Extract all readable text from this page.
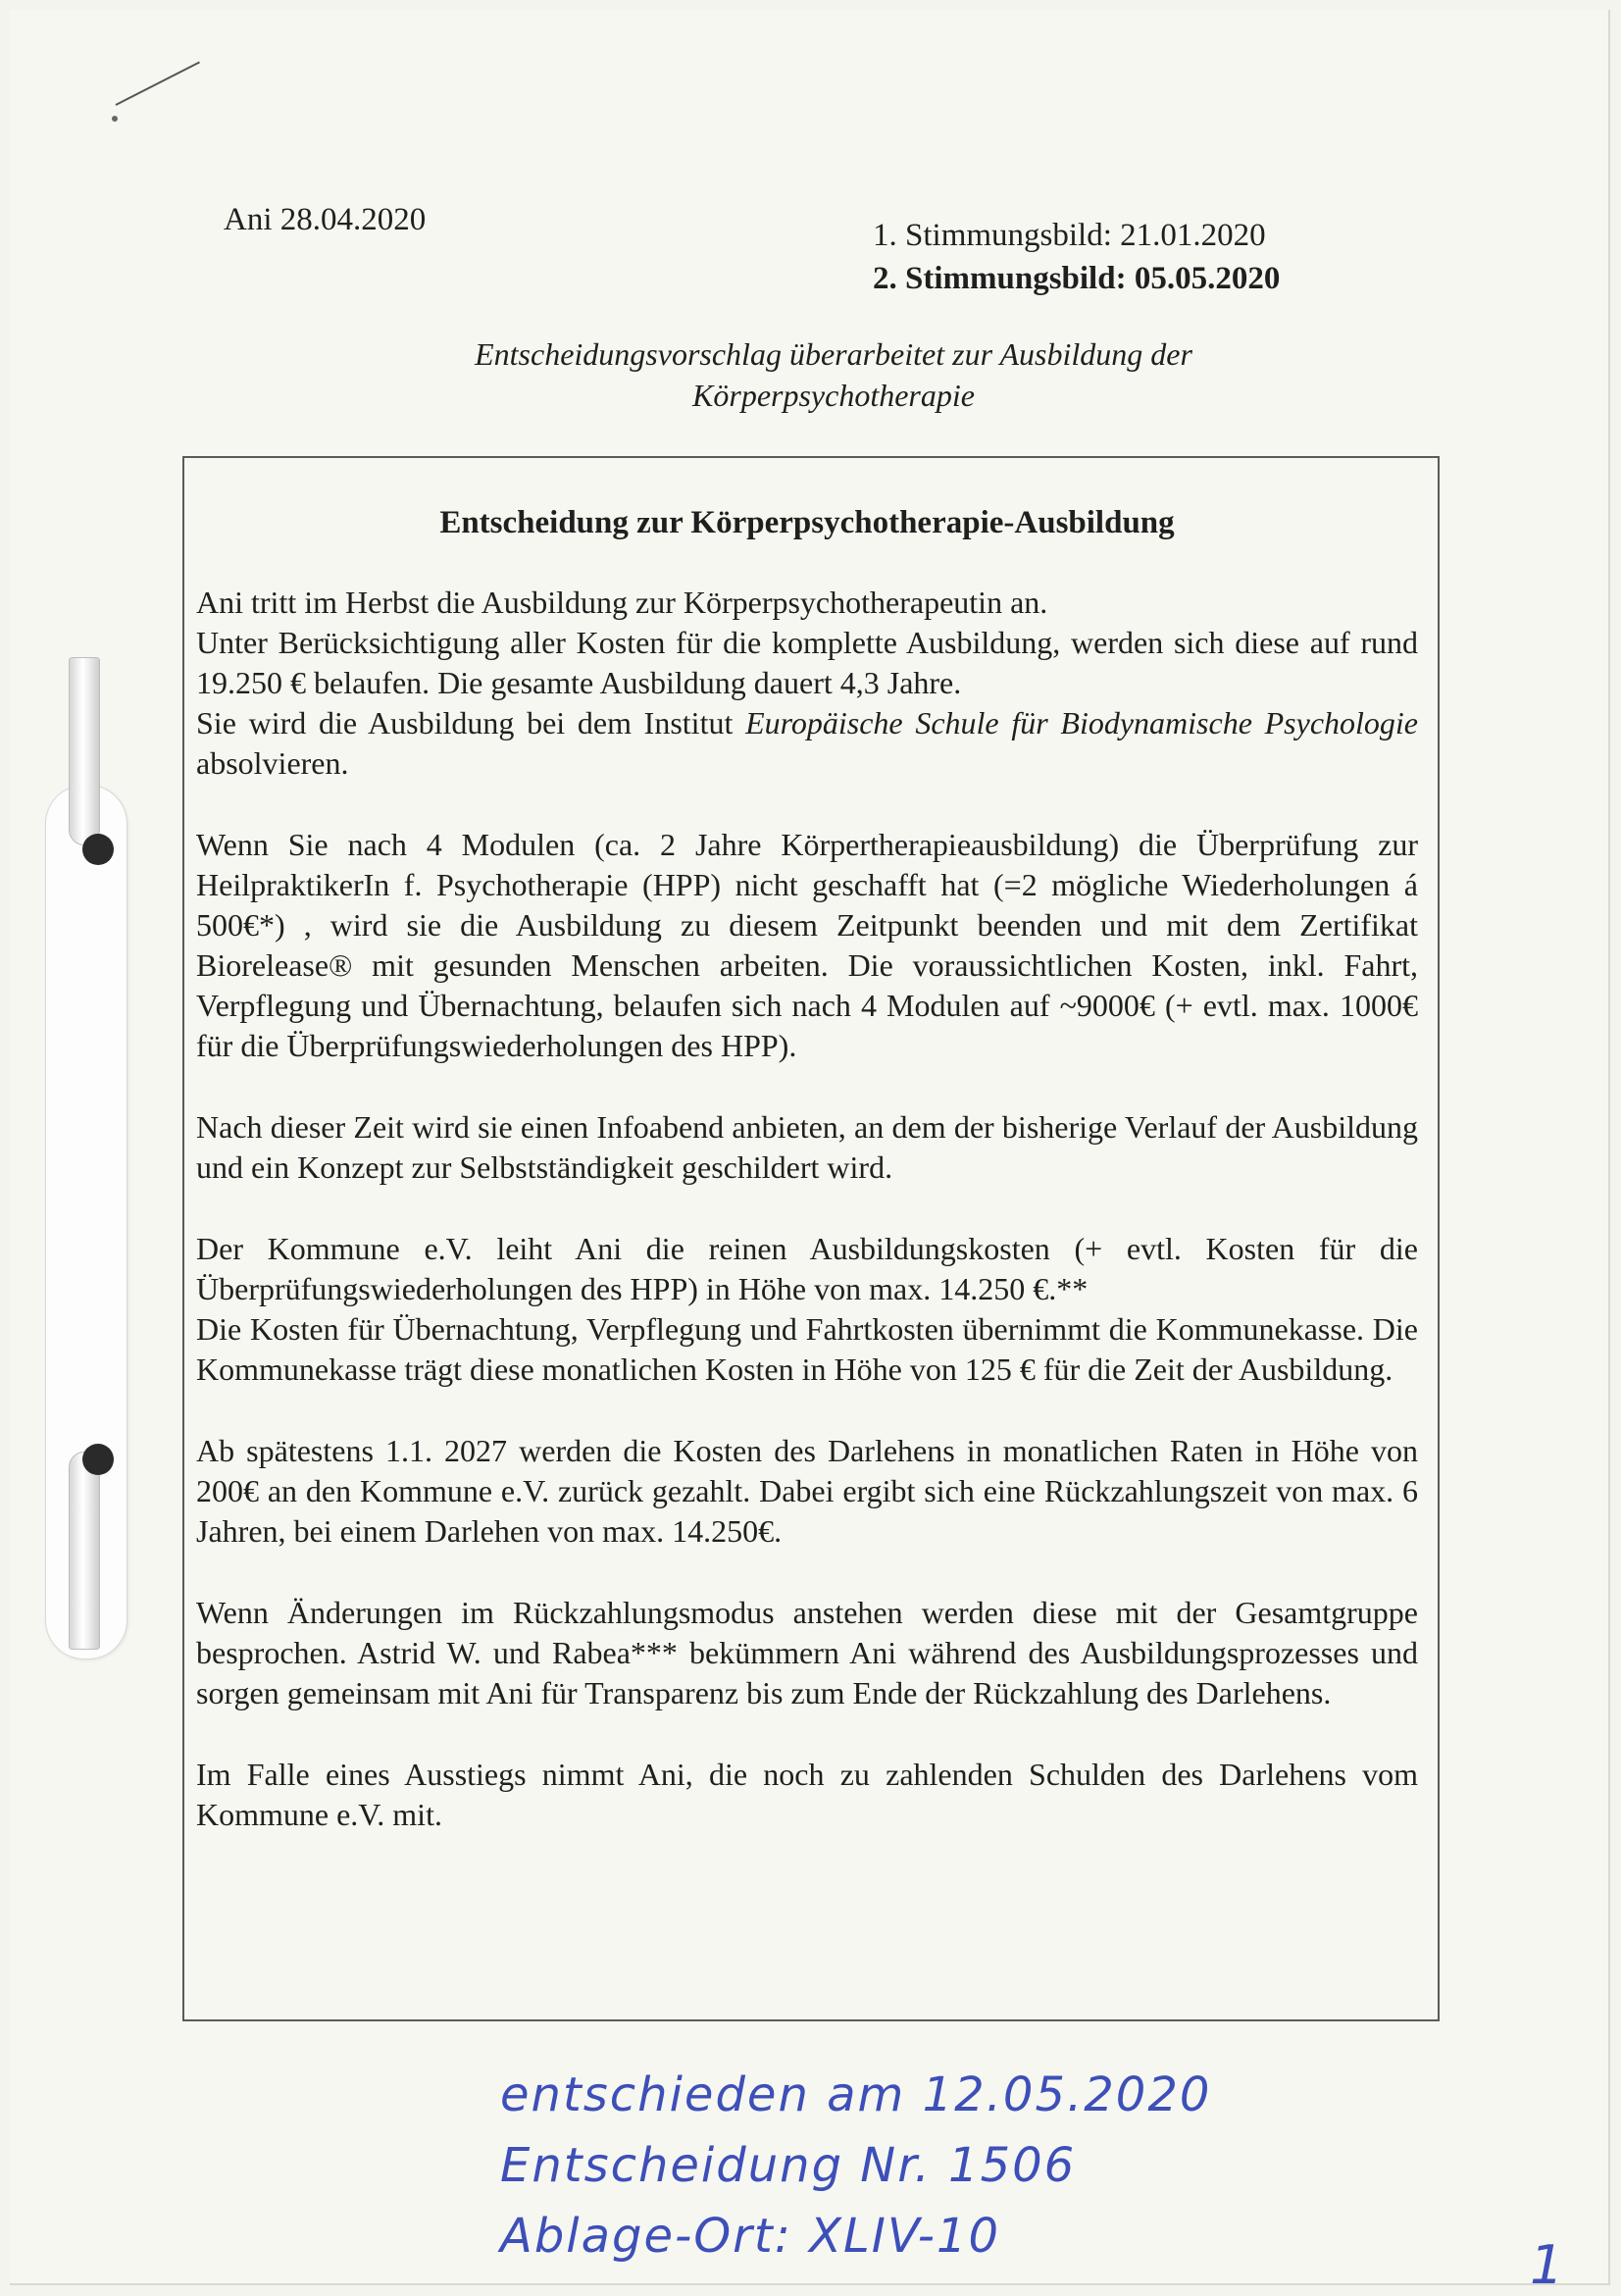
Ani 28.04.2020	1. Stimmungsbild: 21.01.2020
2. Stimmungsbild: 05.05.2020
Entscheidungsvorschlag überarbeitet zur Ausbildung der
Körperpsychotherapie
Entscheidung zur Körperpsychotherapie-Ausbildung
Ani tritt im Herbst die Ausbildung zur Körperpsychotherapeutin an.
Unter Berücksichtigung aller Kosten für die komplette Ausbildung, werden sich diese auf rund 19.250 € belaufen. Die gesamte Ausbildung dauert 4,3 Jahre.
Sie wird die Ausbildung bei dem Institut Europäische Schule für Biodynamische Psychologie absolvieren.
Wenn Sie nach 4 Modulen (ca. 2 Jahre Körpertherapieausbildung) die Überprüfung zur HeilpraktikerIn f. Psychotherapie (HPP) nicht geschafft hat (=2 mögliche Wiederholungen á 500€*) , wird sie die Ausbildung zu diesem Zeitpunkt beenden und mit dem Zertifikat Biorelease® mit gesunden Menschen arbeiten. Die voraussichtlichen Kosten, inkl. Fahrt, Verpflegung und Übernachtung, belaufen sich nach 4 Modulen auf ~9000€ (+ evtl. max. 1000€ für die Überprüfungswiederholungen des HPP).
Nach dieser Zeit wird sie einen Infoabend anbieten, an dem der bisherige Verlauf der Ausbildung und ein Konzept zur Selbstständigkeit geschildert wird.
Der Kommune e.V. leiht Ani die reinen Ausbildungskosten (+ evtl. Kosten für die Überprüfungswiederholungen des HPP) in Höhe von max. 14.250 €.**
Die Kosten für Übernachtung, Verpflegung und Fahrtkosten übernimmt die Kommunekasse. Die Kommunekasse trägt diese monatlichen Kosten in Höhe von 125 € für die Zeit der Ausbildung.
Ab spätestens 1.1. 2027 werden die Kosten des Darlehens in monatlichen Raten in Höhe von 200€ an den Kommune e.V. zurück gezahlt. Dabei ergibt sich eine Rückzahlungszeit von max. 6 Jahren, bei einem Darlehen von max. 14.250€.
Wenn Änderungen im Rückzahlungsmodus anstehen werden diese mit der Gesamtgruppe besprochen. Astrid W. und Rabea*** bekümmern Ani während des Ausbildungsprozesses und sorgen gemeinsam mit Ani für Transparenz bis zum Ende der Rückzahlung des Darlehens.
Im Falle eines Ausstiegs nimmt Ani, die noch zu zahlenden Schulden des Darlehens vom Kommune e.V. mit.
entschieden am 12.05.2020
Entscheidung Nr. 1506
Ablage-Ort: XLIV-10	1
